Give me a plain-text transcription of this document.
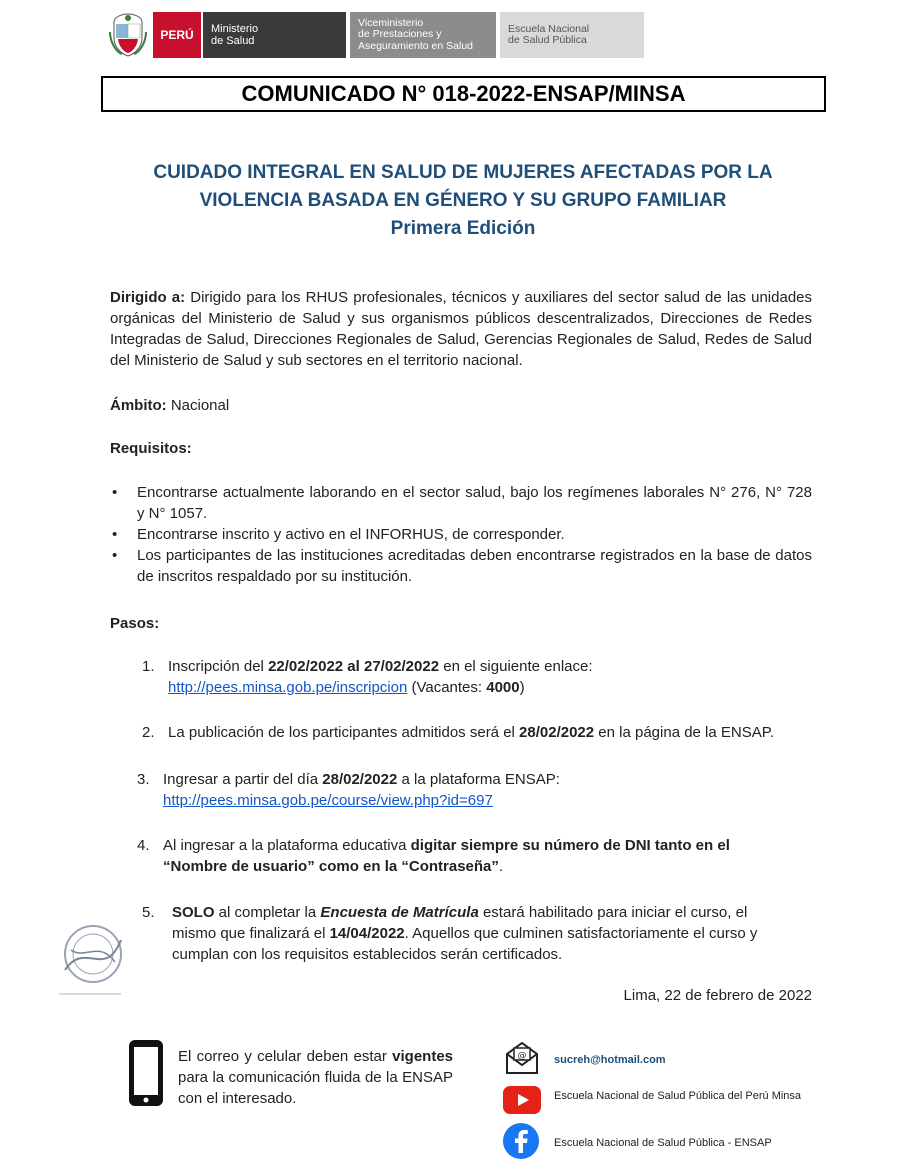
PERÚ	Ministerio
de Salud
Viceministerio
de Prestaciones y
Aseguramiento en Salud
Escuela Nacional
de Salud Pública
COMUNICADO N° 018-2022-ENSAP/MINSA
CUIDADO INTEGRAL EN SALUD DE MUJERES AFECTADAS POR LA
VIOLENCIA BASADA EN GÉNERO Y SU GRUPO FAMILIAR
Primera Edición
Dirigido a: Dirigido para los RHUS profesionales, técnicos y auxiliares del sector salud de las unidades orgánicas del Ministerio de Salud y sus organismos públicos descentralizados, Direcciones de Redes Integradas de Salud, Direcciones Regionales de Salud, Gerencias Regionales de Salud, Redes de Salud del Ministerio de Salud y sub sectores en el territorio nacional.
Ámbito: Nacional
Requisitos:
• Encontrarse actualmente laborando en el sector salud, bajo los regímenes laborales N° 276, N° 728 y N° 1057.
• Encontrarse inscrito y activo en el INFORHUS, de corresponder.
• Los participantes de las instituciones acreditadas deben encontrarse registrados en la base de datos de inscritos respaldado por su institución.
Pasos:
1. Inscripción del 22/02/2022 al 27/02/2022 en el siguiente enlace:
http://pees.minsa.gob.pe/inscripcion (Vacantes: 4000)
2. La publicación de los participantes admitidos será el 28/02/2022 en la página de la ENSAP.
3. Ingresar a partir del día 28/02/2022 a la plataforma ENSAP:
http://pees.minsa.gob.pe/course/view.php?id=697
4. Al ingresar a la plataforma educativa digitar siempre su número de DNI tanto en el
“Nombre de usuario” como en la “Contraseña”.
5.	SOLO al completar la Encuesta de Matrícula estará habilitado para iniciar el curso, el
mismo que finalizará el 14/04/2022. Aquellos que culminen satisfactoriamente el curso y
cumplan con los requisitos establecidos serán certificados.
Lima, 22 de febrero de 2022
El correo y celular deben estar vigentes para la comunicación fluida de la ENSAP con el interesado.
@	sucreh@hotmail.com
Escuela Nacional de Salud Pública del Perú Minsa
Escuela Nacional de Salud Pública - ENSAP
